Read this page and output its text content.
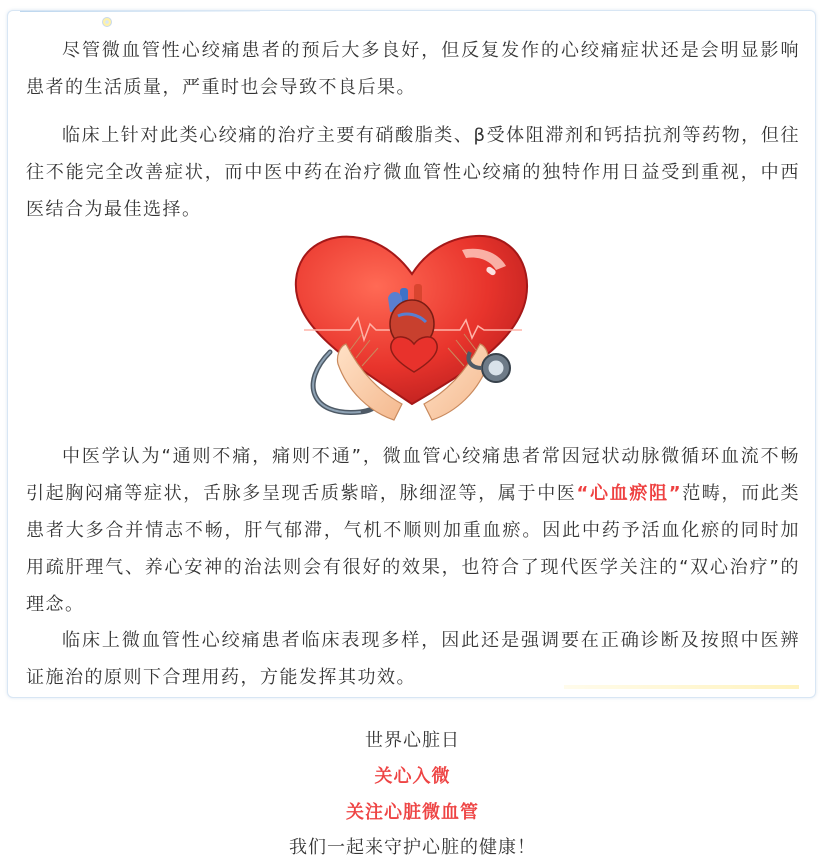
尽管微血管性心绞痛患者的预后大多良好，但反复发作的心绞痛症状还是会明显影响患者的生活质量，严重时也会导致不良后果。

临床上针对此类心绞痛的治疗主要有硝酸脂类、β受体阻滞剂和钙拮抗剂等药物，但往往不能完全改善症状，而中医中药在治疗微血管性心绞痛的独特作用日益受到重视，中西医结合为最佳选择。

中医学认为“通则不痛，痛则不通”，微血管心绞痛患者常因冠状动脉微循环血流不畅引起胸闷痛等症状，舌脉多呈现舌质紫暗，脉细涩等，属于中医“心血瘀阻”范畴，而此类患者大多合并情志不畅，肝气郁滞，气机不顺则加重血瘀。因此中药予活血化瘀的同时加用疏肝理气、养心安神的治法则会有很好的效果，也符合了现代医学关注的“双心治疗”的理念。

临床上微血管性心绞痛患者临床表现多样，因此还是强调要在正确诊断及按照中医辨证施治的原则下合理用药，方能发挥其功效。

世界心脏日
关心入微
关注心脏微血管
我们一起来守护心脏的健康！
